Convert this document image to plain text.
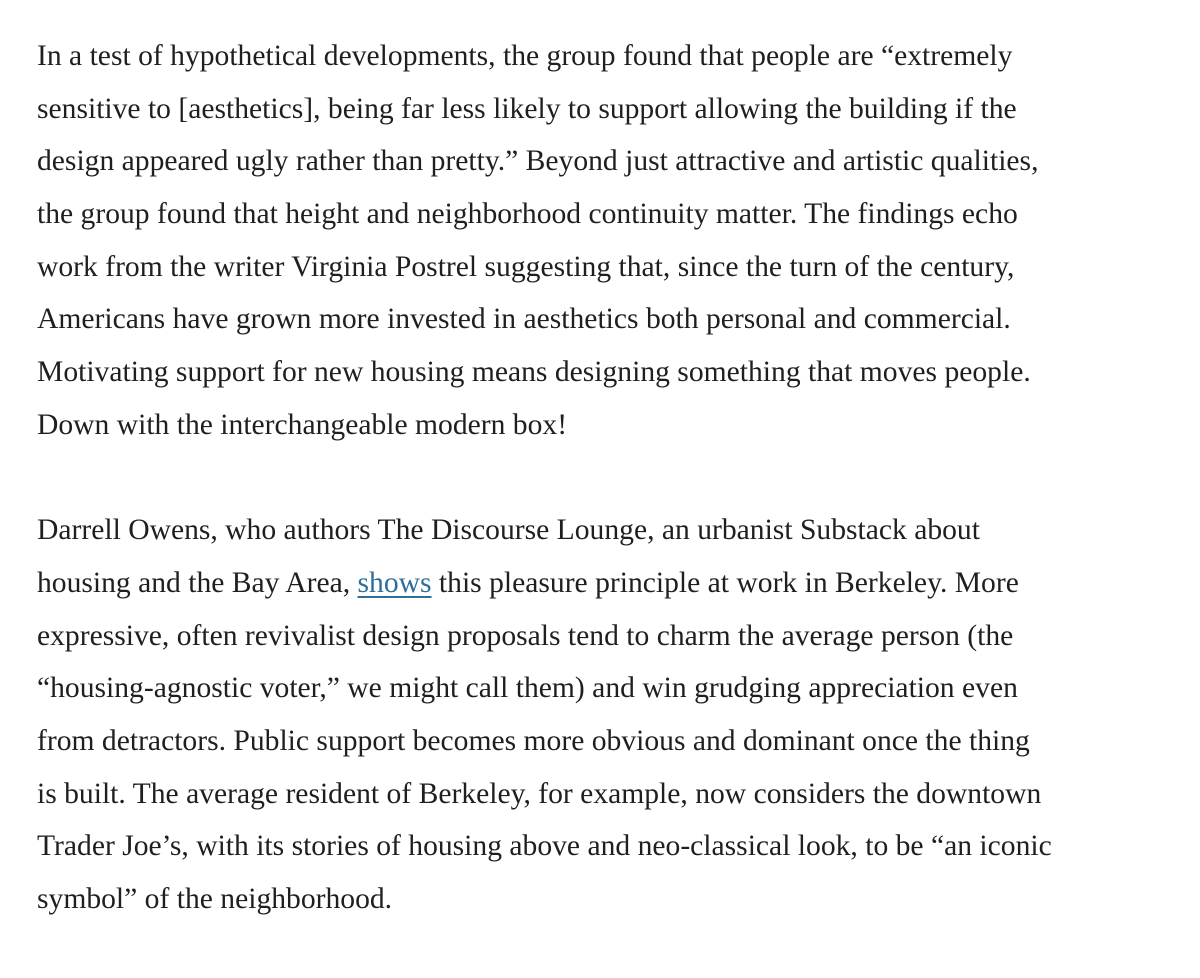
In a test of hypothetical developments, the group found that people are “extremely
sensitive to [aesthetics], being far less likely to support allowing the building if the
design appeared ugly rather than pretty.” Beyond just attractive and artistic qualities,
the group found that height and neighborhood continuity matter. The findings echo
work from the writer Virginia Postrel suggesting that, since the turn of the century,
Americans have grown more invested in aesthetics both personal and commercial.
Motivating support for new housing means designing something that moves people.
Down with the interchangeable modern box!

Darrell Owens, who authors The Discourse Lounge, an urbanist Substack about
housing and the Bay Area, shows this pleasure principle at work in Berkeley. More
expressive, often revivalist design proposals tend to charm the average person (the
“housing-agnostic voter,” we might call them) and win grudging appreciation even
from detractors. Public support becomes more obvious and dominant once the thing
is built. The average resident of Berkeley, for example, now considers the downtown
Trader Joe’s, with its stories of housing above and neo-classical look, to be “an iconic
symbol” of the neighborhood.
